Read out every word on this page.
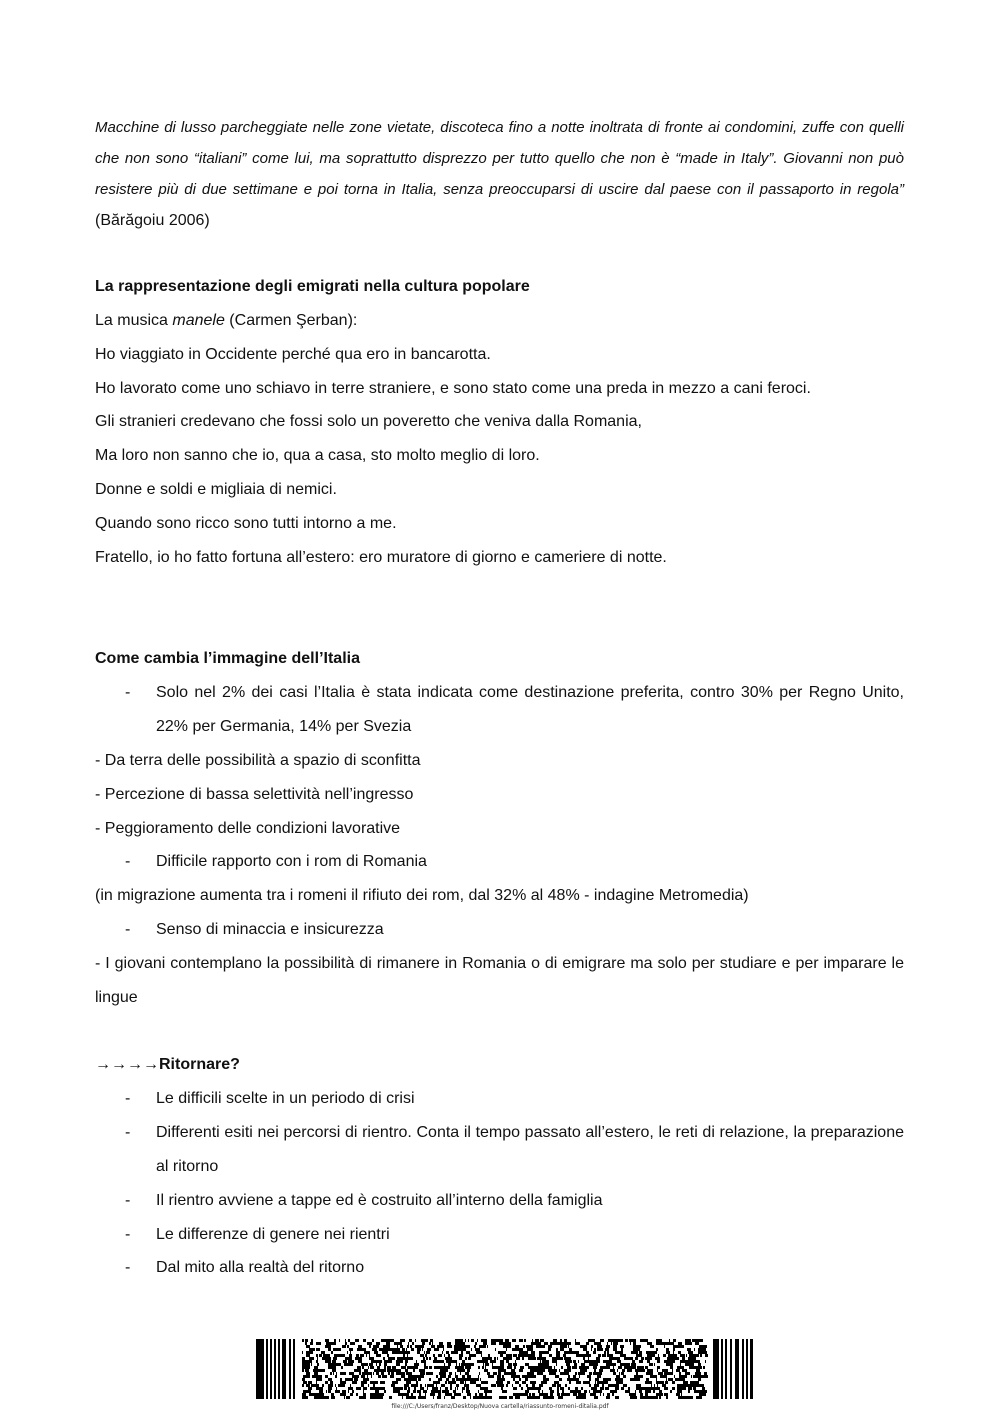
Macchine di lusso parcheggiate nelle zone vietate, discoteca fino a notte inoltrata di fronte ai condomini, zuffe con quelli che non sono “italiani” come lui, ma soprattutto disprezzo per tutto quello che non è “made in Italy”. Giovanni non può resistere più di due settimane e poi torna in Italia, senza preoccuparsi di uscire dal paese con il passaporto in regola” (Bărăgoiu 2006)

La rappresentazione degli emigrati nella cultura popolare

La musica manele (Carmen Şerban):

Ho viaggiato in Occidente perché qua ero in bancarotta.

Ho lavorato come uno schiavo in terre straniere, e sono stato come una preda in mezzo a cani feroci.

Gli stranieri credevano che fossi solo un poveretto che veniva dalla Romania,

Ma loro non sanno che io, qua a casa, sto molto meglio di loro.

Donne e soldi e migliaia di nemici.

Quando sono ricco sono tutti intorno a me.

Fratello, io ho fatto fortuna all’estero: ero muratore di giorno e cameriere di notte.

Come cambia l’immagine dell’Italia

- Solo nel 2% dei casi l’Italia è stata indicata come destinazione preferita, contro 30% per Regno Unito, 22% per Germania, 14% per Svezia

- Da terra delle possibilità a spazio di sconfitta

- Percezione di bassa selettività nell’ingresso

- Peggioramento delle condizioni lavorative

- Difficile rapporto con i rom di Romania

(in migrazione aumenta tra i romeni il rifiuto dei rom, dal 32% al 48% - indagine Metromedia)

- Senso di minaccia e insicurezza

- I giovani contemplano la possibilità di rimanere in Romania o di emigrare ma solo per studiare e per imparare le lingue

→→→→Ritornare?

- Le difficili scelte in un periodo di crisi

- Differenti esiti nei percorsi di rientro. Conta il tempo passato all’estero, le reti di relazione, la preparazione al ritorno

- Il rientro avviene a tappe ed è costruito all’interno della famiglia

- Le differenze di genere nei rientri

- Dal mito alla realtà del ritorno

file:///C:/Users/franz/Desktop/Nuova cartella/riassunto-romeni-ditalia.pdf
